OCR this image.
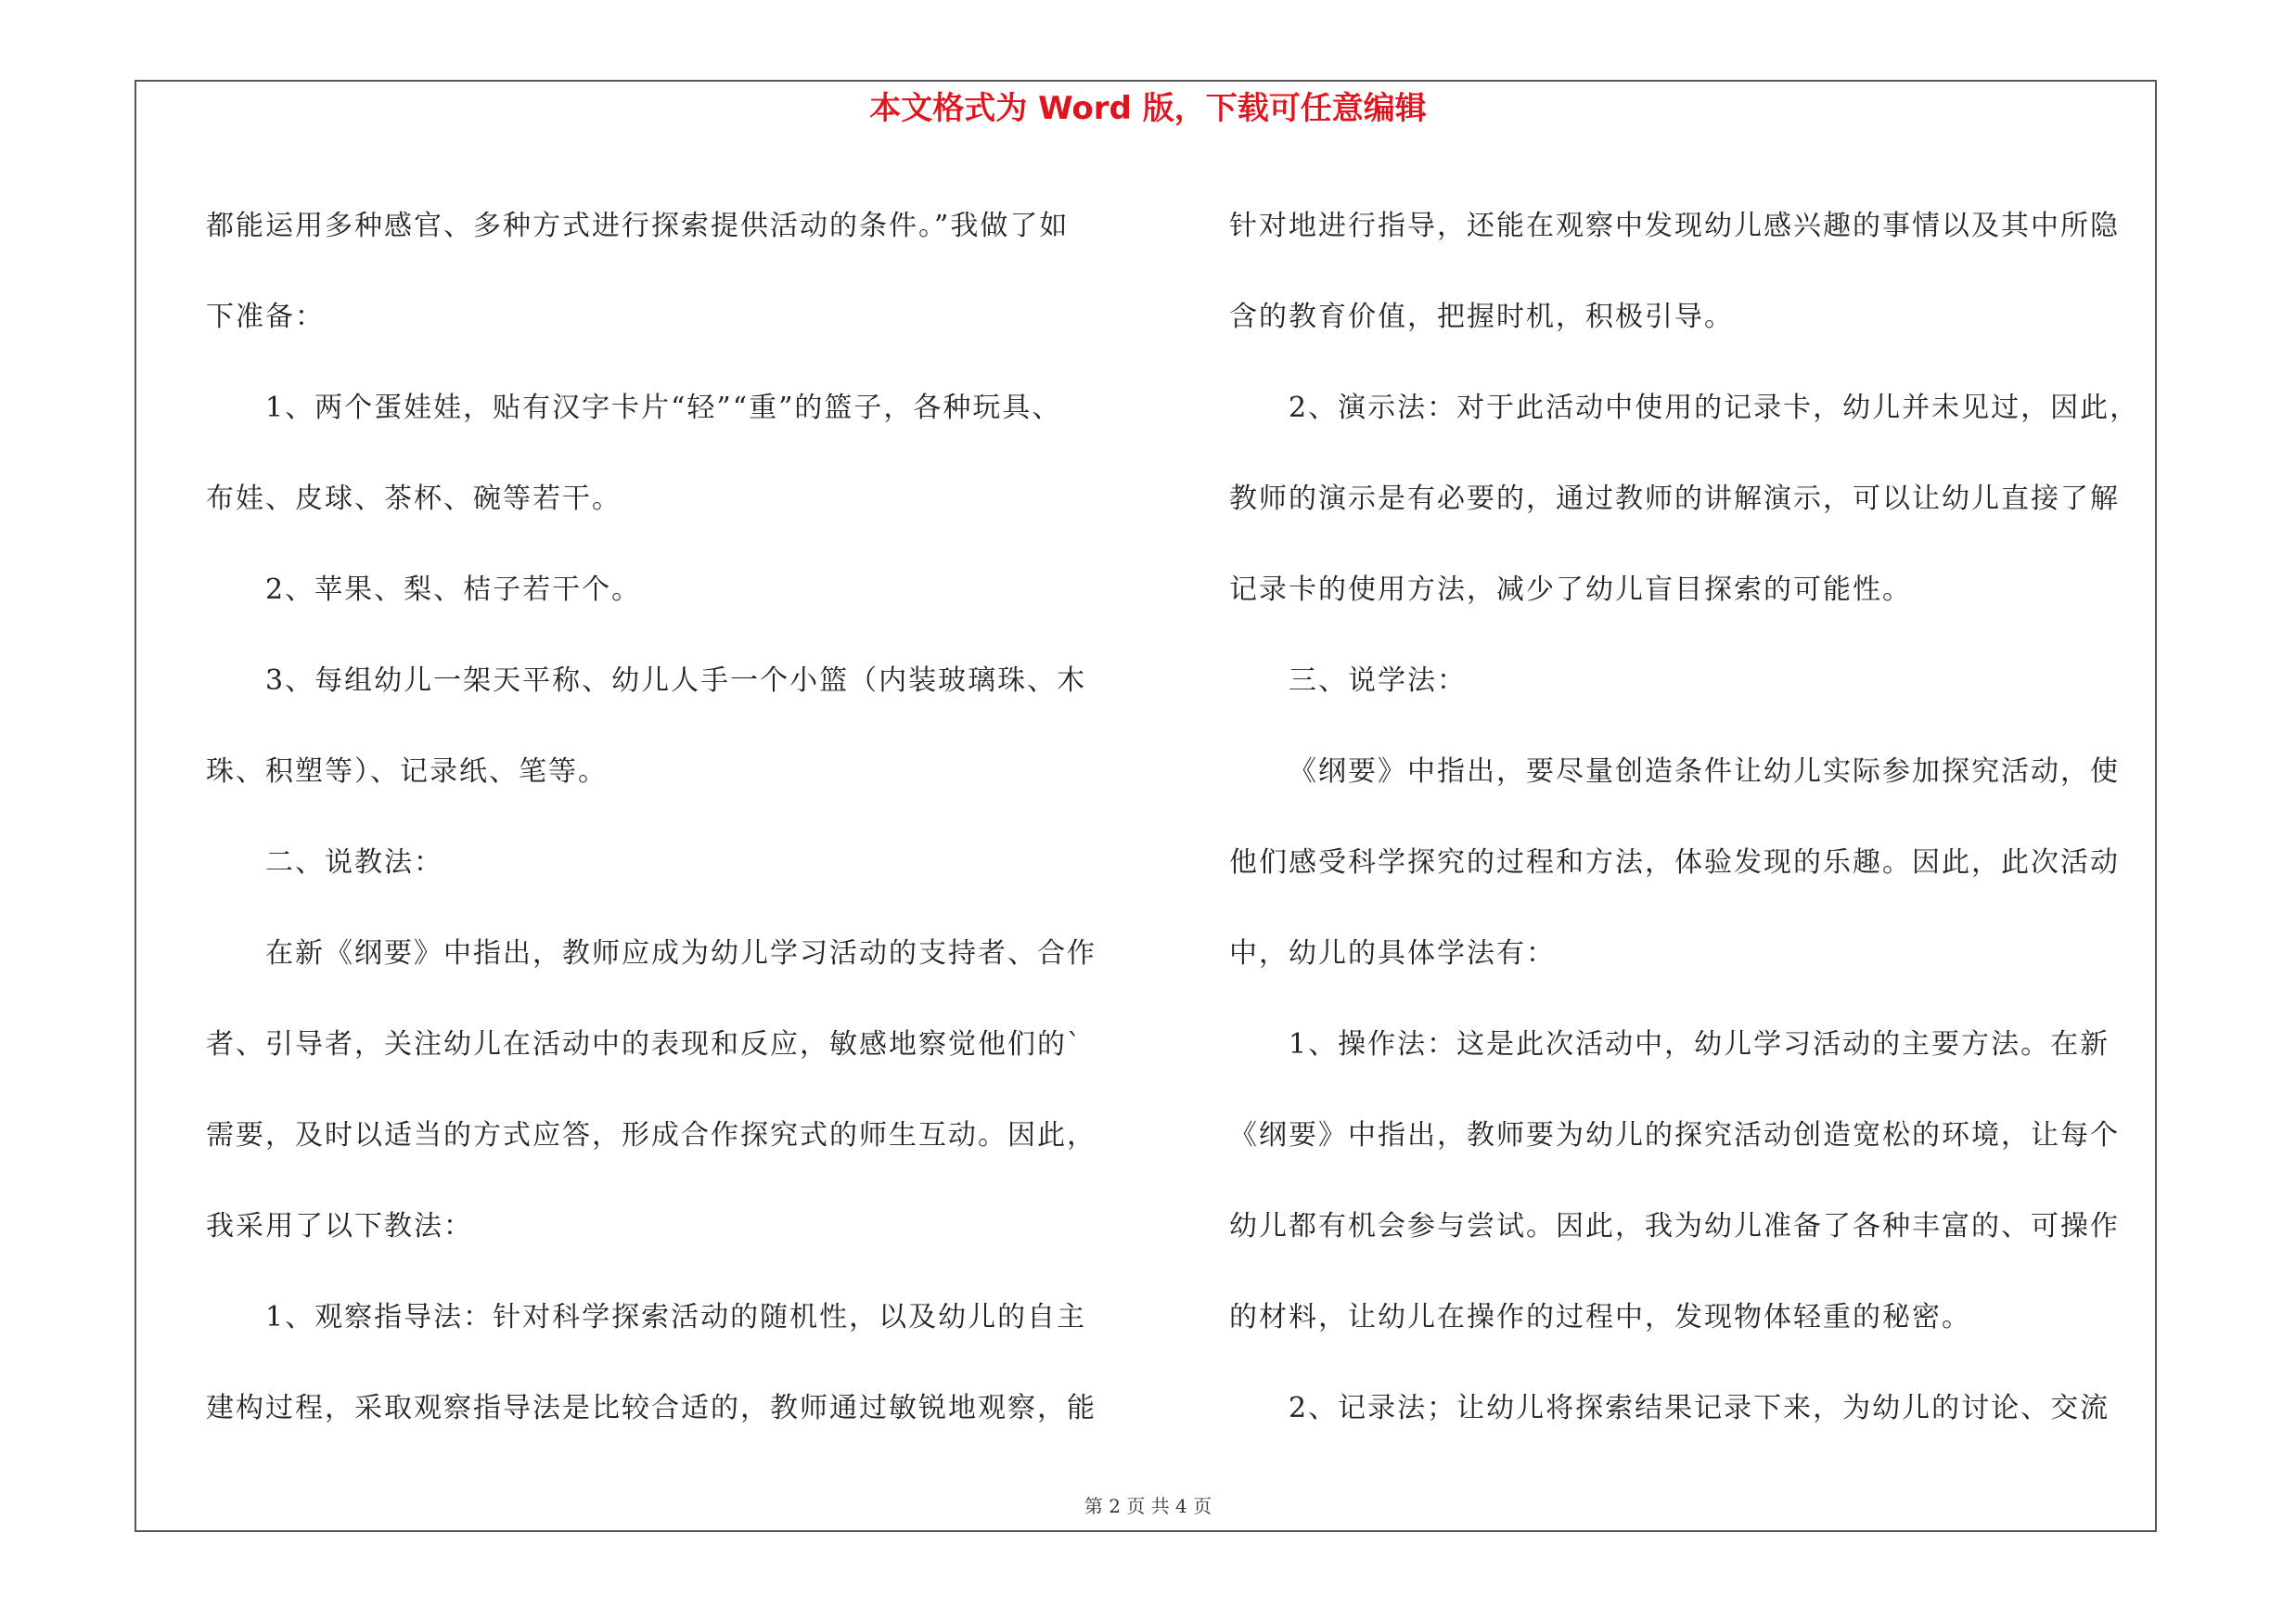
本文格式为 Word 版，下载可任意编辑

都能运用多种感官、多种方式进行探索提供活动的条件。”我做了如

下准备：

1、两个蛋娃娃，贴有汉字卡片“轻”“重”的篮子，各种玩具、

布娃、皮球、茶杯、碗等若干。

2、苹果、梨、桔子若干个。

3、每组幼儿一架天平称、幼儿人手一个小篮（内装玻璃珠、木

珠、积塑等）、记录纸、笔等。

二、说教法：

在新《纲要》中指出，教师应成为幼儿学习活动的支持者、合作

者、引导者，关注幼儿在活动中的表现和反应，敏感地察觉他们的`

需要，及时以适当的方式应答，形成合作探究式的师生互动。因此，

我采用了以下教法：

1、观察指导法：针对科学探索活动的随机性，以及幼儿的自主

建构过程，采取观察指导法是比较合适的，教师通过敏锐地观察，能

针对地进行指导，还能在观察中发现幼儿感兴趣的事情以及其中所隐

含的教育价值，把握时机，积极引导。

2、演示法：对于此活动中使用的记录卡，幼儿并未见过，因此，

教师的演示是有必要的，通过教师的讲解演示，可以让幼儿直接了解

记录卡的使用方法，减少了幼儿盲目探索的可能性。

三、说学法：

《纲要》中指出，要尽量创造条件让幼儿实际参加探究活动，使

他们感受科学探究的过程和方法，体验发现的乐趣。因此，此次活动

中，幼儿的具体学法有：

1、操作法：这是此次活动中，幼儿学习活动的主要方法。在新

《纲要》中指出，教师要为幼儿的探究活动创造宽松的环境，让每个

幼儿都有机会参与尝试。因此，我为幼儿准备了各种丰富的、可操作

的材料，让幼儿在操作的过程中，发现物体轻重的秘密。

2、记录法；让幼儿将探索结果记录下来，为幼儿的讨论、交流

第 2 页 共 4 页
